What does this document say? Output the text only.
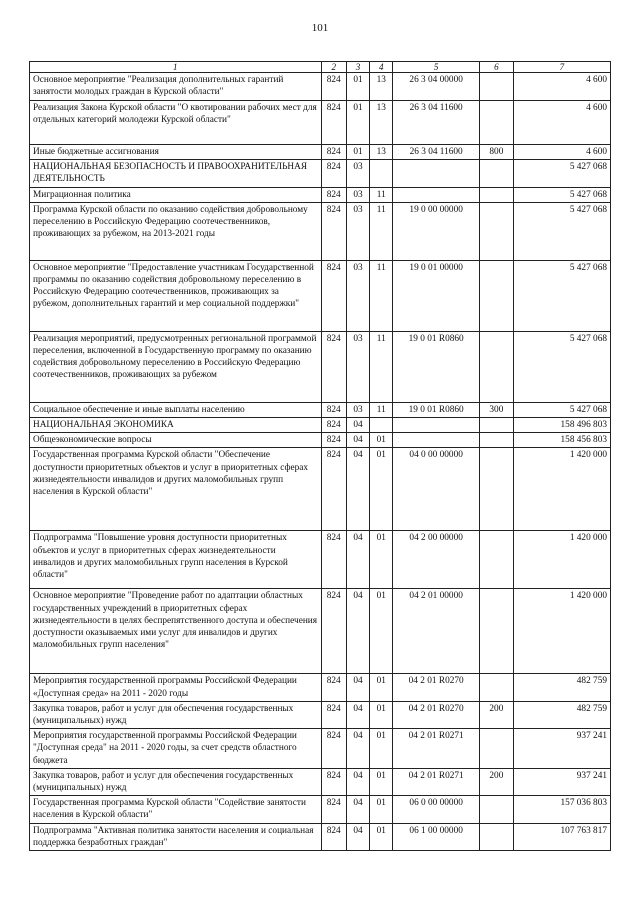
101
1	2	3	4	5	6	7
Основное мероприятие "Реализация дополнительных гарантий занятости молодых граждан в Курской области"	824	01	13	26 3 04 00000		4 600
Реализация Закона Курской области "О квотировании рабочих мест для отдельных категорий молодежи Курской области"	824	01	13	26 3 04 11600		4 600
Иные бюджетные ассигнования	824	01	13	26 3 04 11600	800	4 600
НАЦИОНАЛЬНАЯ БЕЗОПАСНОСТЬ И ПРАВООХРАНИТЕЛЬНАЯ ДЕЯТЕЛЬНОСТЬ	824	03				5 427 068
Миграционная политика	824	03	11			5 427 068
Программа Курской области по оказанию содействия добровольному переселению в Российскую Федерацию соотечественников, проживающих за рубежом, на 2013-2021 годы	824	03	11	19 0 00 00000		5 427 068
Основное мероприятие "Предоставление участникам Государственной программы по оказанию содействия добровольному переселению в Российскую Федерацию соотечественников, проживающих за рубежом, дополнительных гарантий и мер социальной поддержки"	824	03	11	19 0 01 00000		5 427 068
Реализация мероприятий, предусмотренных региональной программой переселения, включенной в Государственную программу по оказанию содействия добровольному переселению в Российскую Федерацию соотечественников, проживающих за рубежом	824	03	11	19 0 01 R0860		5 427 068
Социальное обеспечение и иные выплаты населению	824	03	11	19 0 01 R0860	300	5 427 068
НАЦИОНАЛЬНАЯ ЭКОНОМИКА	824	04				158 496 803
Общеэкономические вопросы	824	04	01			158 456 803
Государственная программа Курской области "Обеспечение доступности приоритетных объектов и услуг в приоритетных сферах жизнедеятельности инвалидов и других маломобильных групп населения в Курской области"	824	04	01	04 0 00 00000		1 420 000
Подпрограмма "Повышение уровня доступности приоритетных объектов и услуг в приоритетных сферах жизнедеятельности инвалидов и других маломобильных групп населения в Курской области"	824	04	01	04 2 00 00000		1 420 000
Основное мероприятие "Проведение работ по адаптации областных государственных учреждений в приоритетных сферах жизнедеятельности в целях беспрепятственного доступа и обеспечения доступности оказываемых ими услуг для инвалидов и других маломобильных групп населения"	824	04	01	04 2 01 00000		1 420 000
Мероприятия государственной программы Российской Федерации «Доступная среда» на 2011 - 2020 годы	824	04	01	04 2 01 R0270		482 759
Закупка товаров, работ и услуг для обеспечения государственных (муниципальных) нужд	824	04	01	04 2 01 R0270	200	482 759
Мероприятия государственной программы Российской Федерации "Доступная среда" на 2011 - 2020 годы, за счет средств областного бюджета	824	04	01	04 2 01 R0271		937 241
Закупка товаров, работ и услуг для обеспечения государственных (муниципальных) нужд	824	04	01	04 2 01 R0271	200	937 241
Государственная программа Курской области "Содействие занятости населения в Курской области"	824	04	01	06 0 00 00000		157 036 803
Подпрограмма "Активная политика занятости населения и социальная поддержка безработных граждан"	824	04	01	06 1 00 00000		107 763 817
